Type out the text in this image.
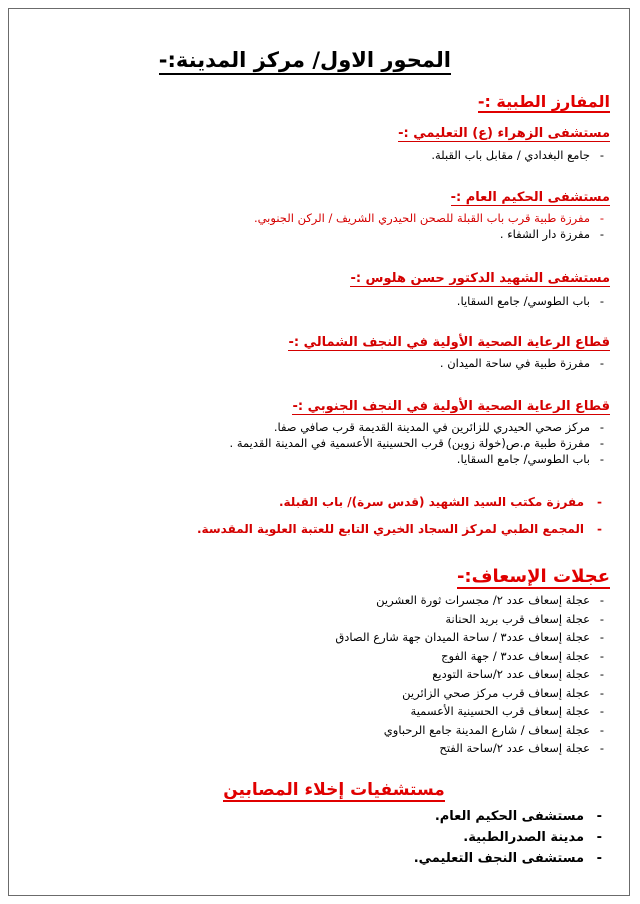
المحور الاول/ مركز المدينة:-
المفارز الطبية :-
مستشفى الزهراء (ع) التعليمي :-
- جامع البغدادي / مقابل باب القبلة.
مستشفى الحكيم العام :-
- مفرزة طبية قرب باب القبلة للصحن الحيدري الشريف / الركن الجنوبي.
- مفرزة دار الشفاء .
مستشفى الشهيد الدكتور حسن هلوس :-
- باب الطوسي/ جامع السقايا.
قطاع الرعاية الصحية الأولية في النجف الشمالي :-
- مفرزة طبية في ساحة الميدان .
قطاع الرعاية الصحية الأولية في النجف الجنوبي :-
- مركز صحي الحيدري للزائرين في المدينة القديمة قرب صافي صفا.
- مفرزة طبية م.ص(خولة زوين) قرب الحسينية الأعسمية في المدينة القديمة .
- باب الطوسي/ جامع السقايا.
- مفرزة مكتب السيد الشهيد (قدس سرة)/ باب القبلة.
- المجمع الطبي لمركز السجاد الخيري التابع للعتبة العلوية المقدسة.
عجلات الإسعاف:-
- عجلة إسعاف عدد ٢/ مجسرات ثورة العشرين
- عجلة إسعاف قرب بريد الحنانة
- عجلة إسعاف عدد٣ / ساحة الميدان جهة شارع الصادق
- عجلة إسعاف عدد٣ / جهة الفوج
- عجلة إسعاف عدد ٢/ساحة التوديع
- عجلة إسعاف قرب مركز صحي الزائرين
- عجلة إسعاف قرب الحسينية الأعسمية
- عجلة إسعاف / شارع المدينة جامع الرحباوي
- عجلة إسعاف عدد ٢/ساحة الفتح
مستشفيات إخلاء المصابين
- مستشفى الحكيم العام.
- مدينة الصدرالطبية.
- مستشفى النجف التعليمي.
